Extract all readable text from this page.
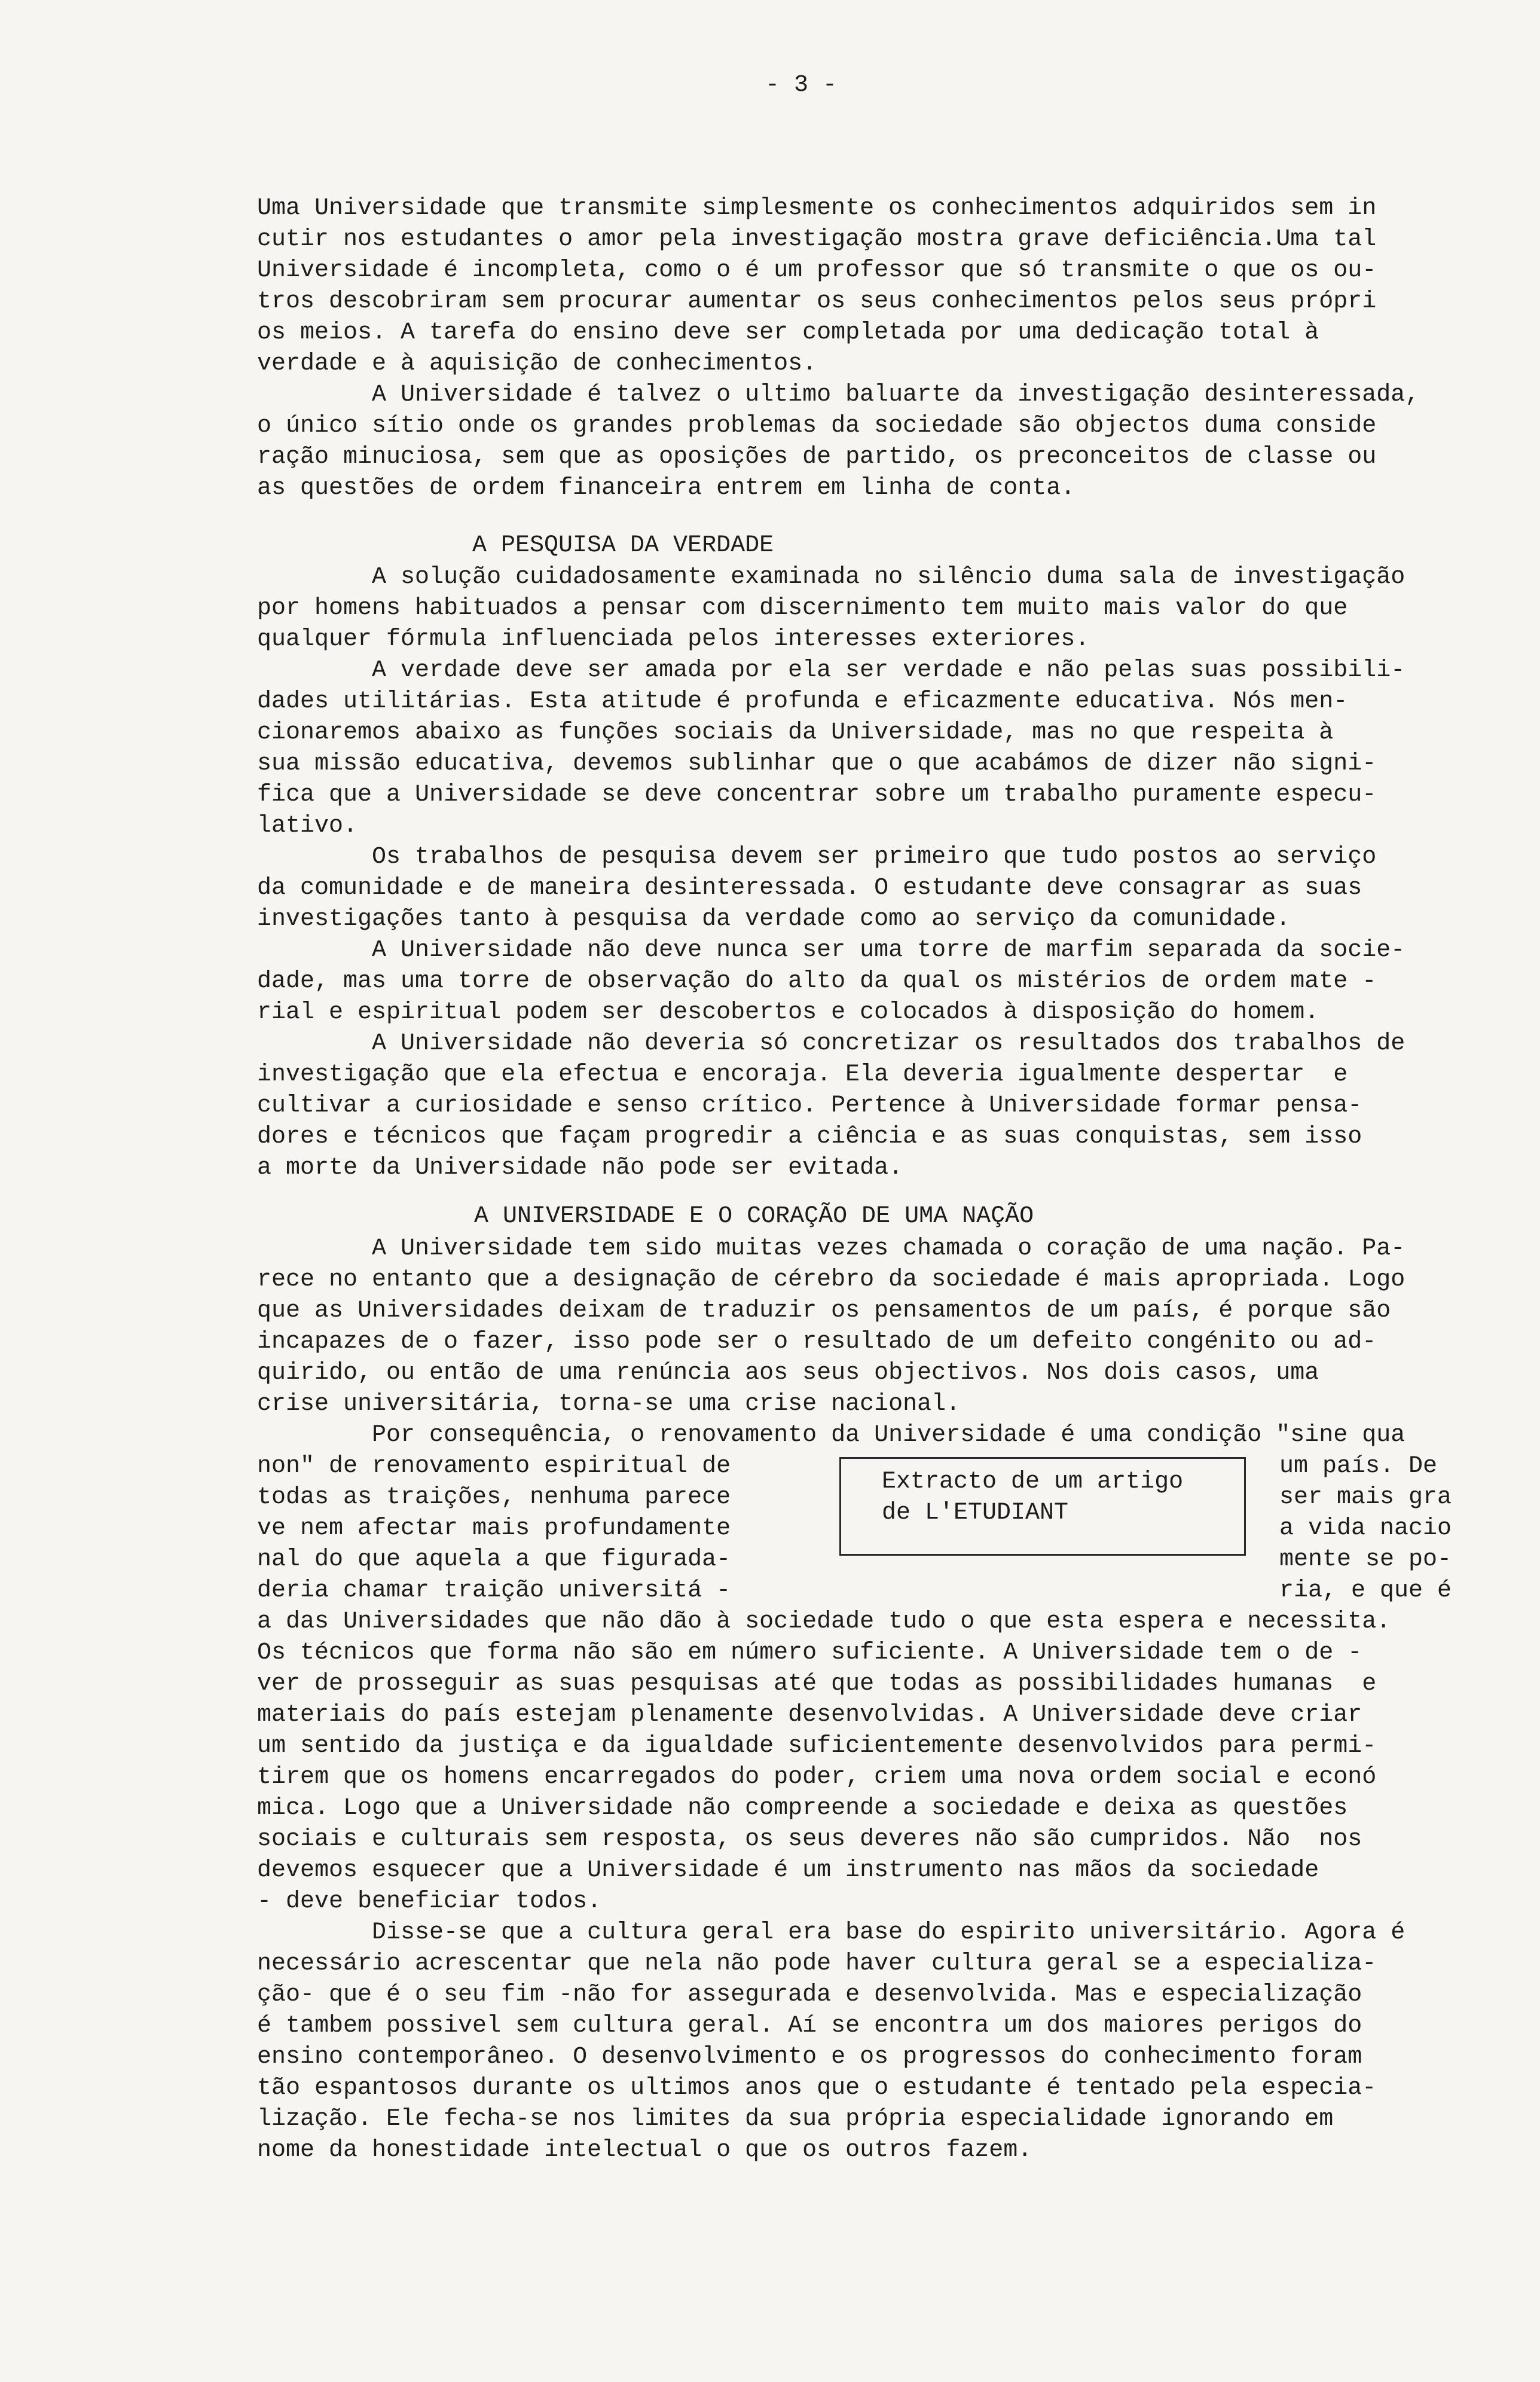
- 3 -
Uma Universidade que transmite simplesmente os conhecimentos adquiridos sem in
cutir nos estudantes o amor pela investigação mostra grave deficiência.Uma tal
Universidade é incompleta, como o é um professor que só transmite o que os ou-
tros descobriram sem procurar aumentar os seus conhecimentos pelos seus própri
os meios. A tarefa do ensino deve ser completada por uma dedicação total à
verdade e à aquisição de conhecimentos.
A Universidade é talvez o ultimo baluarte da investigação desinteressada,
o único sítio onde os grandes problemas da sociedade são objectos duma conside
ração minuciosa, sem que as oposições de partido, os preconceitos de classe ou
as questões de ordem financeira entrem em linha de conta.
A PESQUISA DA VERDADE
A solução cuidadosamente examinada no silêncio duma sala de investigação
por homens habituados a pensar com discernimento tem muito mais valor do que
qualquer fórmula influenciada pelos interesses exteriores.
A verdade deve ser amada por ela ser verdade e não pelas suas possibili-
dades utilitárias. Esta atitude é profunda e eficazmente educativa. Nós men-
cionaremos abaixo as funções sociais da Universidade, mas no que respeita à
sua missão educativa, devemos sublinhar que o que acabámos de dizer não signi-
fica que a Universidade se deve concentrar sobre um trabalho puramente especu-
lativo.
Os trabalhos de pesquisa devem ser primeiro que tudo postos ao serviço
da comunidade e de maneira desinteressada. O estudante deve consagrar as suas
investigações tanto à pesquisa da verdade como ao serviço da comunidade.
A Universidade não deve nunca ser uma torre de marfim separada da socie-
dade, mas uma torre de observação do alto da qual os mistérios de ordem mate -
rial e espiritual podem ser descobertos e colocados à disposição do homem.
A Universidade não deveria só concretizar os resultados dos trabalhos de
investigação que ela efectua e encoraja. Ela deveria igualmente despertar  e
cultivar a curiosidade e senso crítico. Pertence à Universidade formar pensa-
dores e técnicos que façam progredir a ciência e as suas conquistas, sem isso
a morte da Universidade não pode ser evitada.
A UNIVERSIDADE E O CORAÇÃO DE UMA NAÇÃO
A Universidade tem sido muitas vezes chamada o coração de uma nação. Pa-
rece no entanto que a designação de cérebro da sociedade é mais apropriada. Logo
que as Universidades deixam de traduzir os pensamentos de um país, é porque são
incapazes de o fazer, isso pode ser o resultado de um defeito congénito ou ad-
quirido, ou então de uma renúncia aos seus objectivos. Nos dois casos, uma
crise universitária, torna-se uma crise nacional.
Por consequência, o renovamento da Universidade é uma condição "sine qua
non" de renovamento espiritual de
todas as traições, nenhuma parece
ve nem afectar mais profundamente
nal do que aquela a que figurada-
deria chamar traição universitá -
um país. De
ser mais gra
a vida nacio
mente se po-
ria, e que é
Extracto de um artigo
de L'ETUDIANT
a das Universidades que não dão à sociedade tudo o que esta espera e necessita.
Os técnicos que forma não são em número suficiente. A Universidade tem o de -
ver de prosseguir as suas pesquisas até que todas as possibilidades humanas  e
materiais do país estejam plenamente desenvolvidas. A Universidade deve criar
um sentido da justiça e da igualdade suficientemente desenvolvidos para permi-
tirem que os homens encarregados do poder, criem uma nova ordem social e econó
mica. Logo que a Universidade não compreende a sociedade e deixa as questões
sociais e culturais sem resposta, os seus deveres não são cumpridos. Não  nos
devemos esquecer que a Universidade é um instrumento nas mãos da sociedade
- deve beneficiar todos.
Disse-se que a cultura geral era base do espirito universitário. Agora é
necessário acrescentar que nela não pode haver cultura geral se a especializa-
ção- que é o seu fim -não for assegurada e desenvolvida. Mas e especialização
é tambem possivel sem cultura geral. Aí se encontra um dos maiores perigos do
ensino contemporâneo. O desenvolvimento e os progressos do conhecimento foram
tão espantosos durante os ultimos anos que o estudante é tentado pela especia-
lização. Ele fecha-se nos limites da sua própria especialidade ignorando em
nome da honestidade intelectual o que os outros fazem.
